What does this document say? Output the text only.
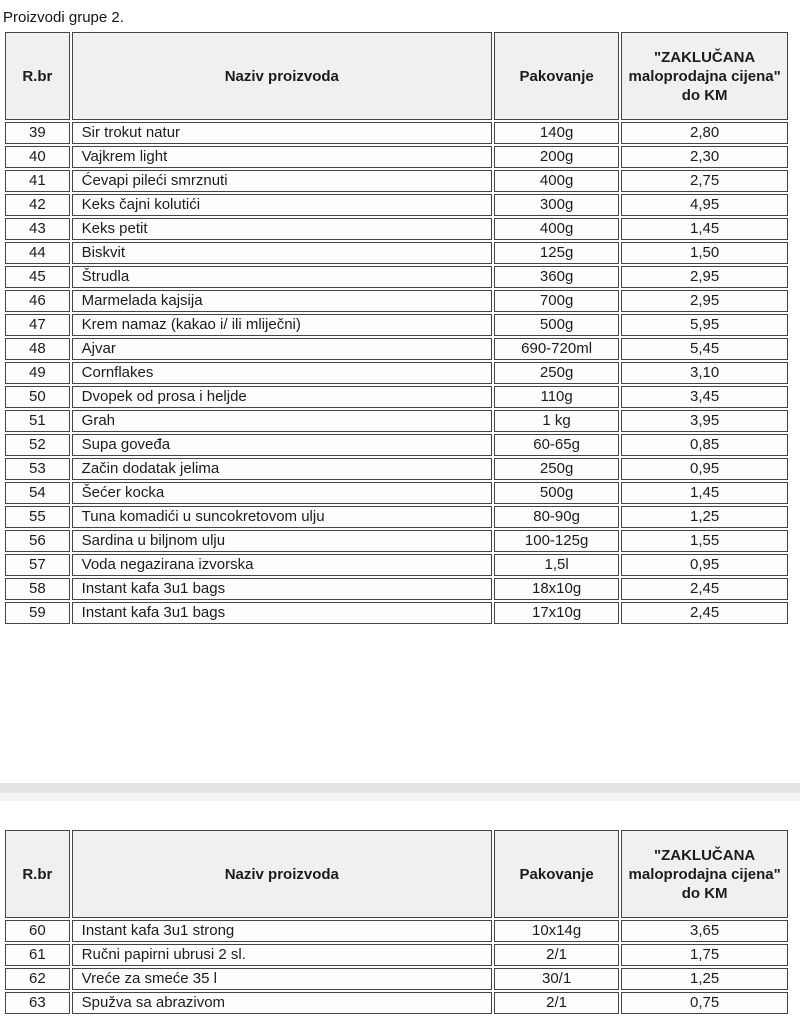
Proizvodi grupe 2.
R.br	Naziv proizvoda	Pakovanje	"ZAKLUČANA maloprodajna cijena" do KM
39	Sir trokut natur	140g	2,80
40	Vajkrem light	200g	2,30
41	Ćevapi pileći smrznuti	400g	2,75
42	Keks čajni kolutići	300g	4,95
43	Keks petit	400g	1,45
44	Biskvit	125g	1,50
45	Štrudla	360g	2,95
46	Marmelada kajsija	700g	2,95
47	Krem namaz (kakao i/ ili mliječni)	500g	5,95
48	Ajvar	690-720ml	5,45
49	Cornflakes	250g	3,10
50	Dvopek od prosa i heljde	110g	3,45
51	Grah	1 kg	3,95
52	Supa goveđa	60-65g	0,85
53	Začin dodatak jelima	250g	0,95
54	Šećer kocka	500g	1,45
55	Tuna komadići u suncokretovom ulju	80-90g	1,25
56	Sardina u biljnom ulju	100-125g	1,55
57	Voda negazirana izvorska	1,5l	0,95
58	Instant kafa 3u1 bags	18x10g	2,45
59	Instant kafa 3u1 bags	17x10g	2,45
R.br	Naziv proizvoda	Pakovanje	"ZAKLUČANA maloprodajna cijena" do KM
60	Instant kafa 3u1 strong	10x14g	3,65
61	Ručni papirni ubrusi 2 sl.	2/1	1,75
62	Vreće za smeće 35 l	30/1	1,25
63	Spužva sa abrazivom	2/1	0,75
